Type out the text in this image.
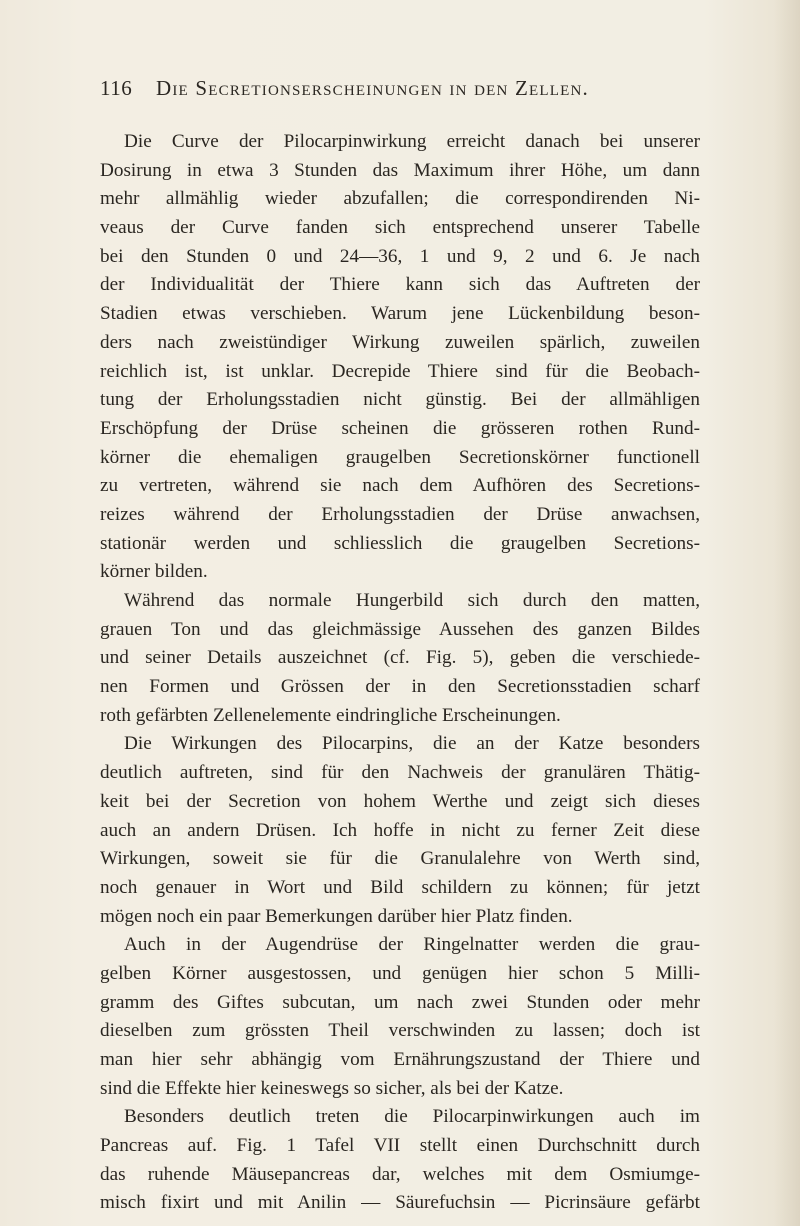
116 Die Secretionserscheinungen in den Zellen.
Die Curve der Pilocarpinwirkung erreicht danach bei unserer
Dosirung in etwa 3 Stunden das Maximum ihrer Höhe, um dann
mehr allmählig wieder abzufallen; die correspondirenden Ni-
veaus der Curve fanden sich entsprechend unserer Tabelle
bei den Stunden 0 und 24—36, 1 und 9, 2 und 6. Je nach
der Individualität der Thiere kann sich das Auftreten der
Stadien etwas verschieben. Warum jene Lückenbildung beson-
ders nach zweistündiger Wirkung zuweilen spärlich, zuweilen
reichlich ist, ist unklar. Decrepide Thiere sind für die Beobach-
tung der Erholungsstadien nicht günstig. Bei der allmähligen
Erschöpfung der Drüse scheinen die grösseren rothen Rund-
körner die ehemaligen graugelben Secretionskörner functionell
zu vertreten, während sie nach dem Aufhören des Secretions-
reizes während der Erholungsstadien der Drüse anwachsen,
stationär werden und schliesslich die graugelben Secretions-
körner bilden.
Während das normale Hungerbild sich durch den matten,
grauen Ton und das gleichmässige Aussehen des ganzen Bildes
und seiner Details auszeichnet (cf. Fig. 5), geben die verschiede-
nen Formen und Grössen der in den Secretionsstadien scharf
roth gefärbten Zellenelemente eindringliche Erscheinungen.
Die Wirkungen des Pilocarpins, die an der Katze besonders
deutlich auftreten, sind für den Nachweis der granulären Thätig-
keit bei der Secretion von hohem Werthe und zeigt sich dieses
auch an andern Drüsen. Ich hoffe in nicht zu ferner Zeit diese
Wirkungen, soweit sie für die Granulalehre von Werth sind,
noch genauer in Wort und Bild schildern zu können; für jetzt
mögen noch ein paar Bemerkungen darüber hier Platz finden.
Auch in der Augendrüse der Ringelnatter werden die grau-
gelben Körner ausgestossen, und genügen hier schon 5 Milli-
gramm des Giftes subcutan, um nach zwei Stunden oder mehr
dieselben zum grössten Theil verschwinden zu lassen; doch ist
man hier sehr abhängig vom Ernährungszustand der Thiere und
sind die Effekte hier keineswegs so sicher, als bei der Katze.
Besonders deutlich treten die Pilocarpinwirkungen auch im
Pancreas auf. Fig. 1 Tafel VII stellt einen Durchschnitt durch
das ruhende Mäusepancreas dar, welches mit dem Osmiumge-
misch fixirt und mit Anilin — Säurefuchsin — Picrinsäure gefärbt
